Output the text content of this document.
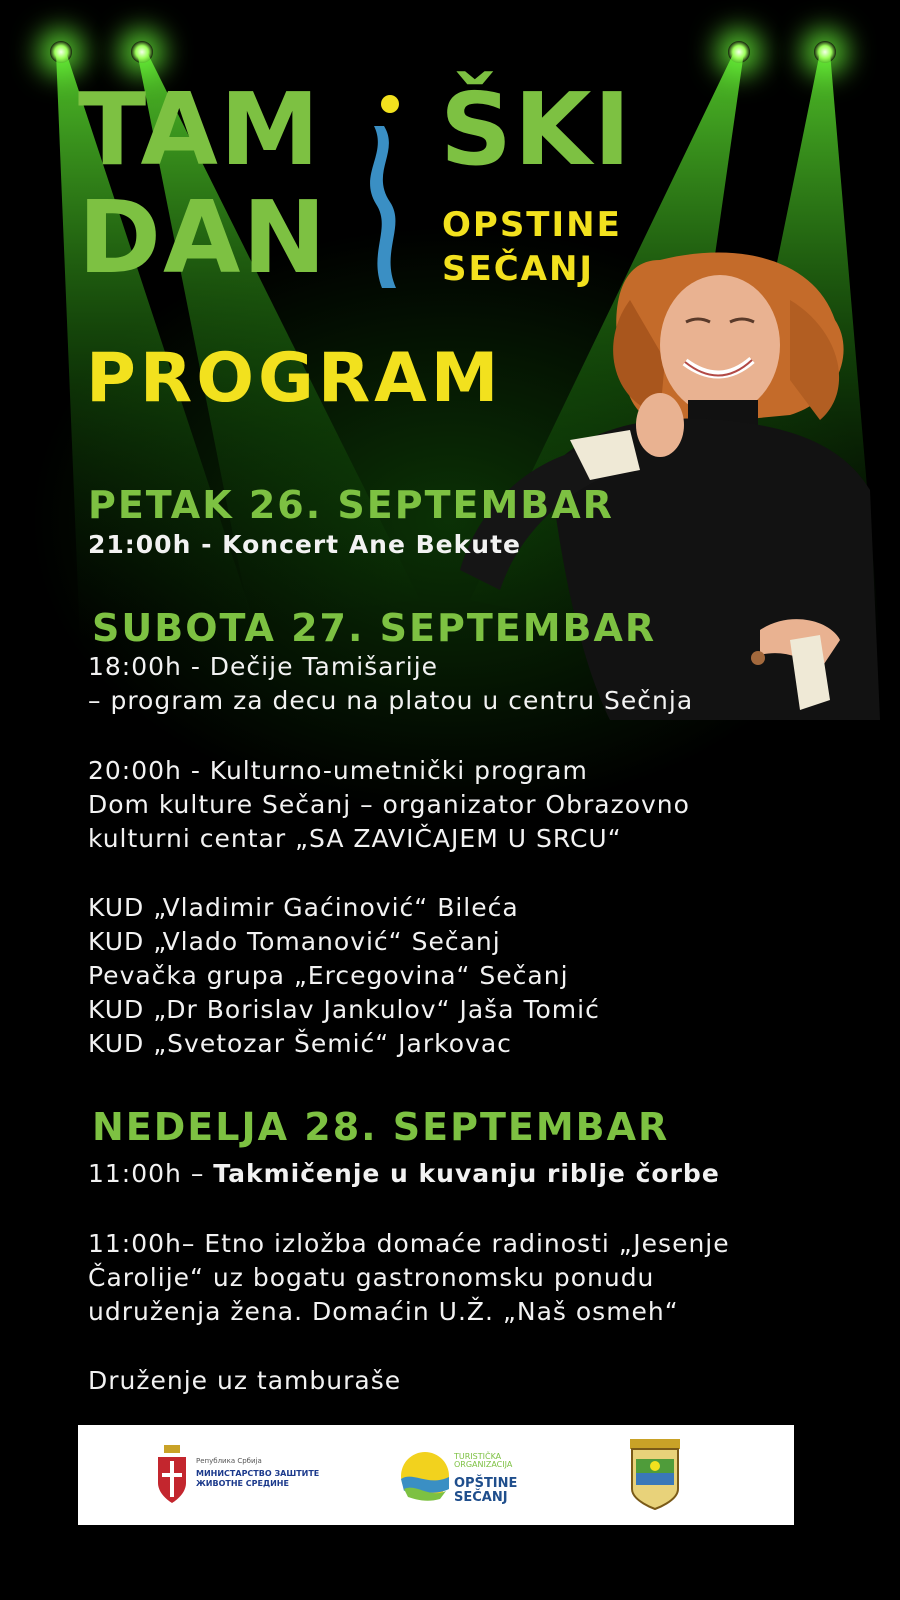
TAM ŠKI
DAN	OPSTINE
SEČANJ
PROGRAM
PETAK 26. SEPTEMBAR
21:00h - Koncert Ane Bekute
SUBOTA 27. SEPTEMBAR
18:00h - Dečije Tamišarije
– program za decu na platou u centru Sečnja
20:00h - Kulturno-umetnički program
Dom kulture Sečanj – organizator Obrazovno
kulturni centar „SA ZAVIČAJEM U SRCU“
KUD „Vladimir Gaćinović“ Bileća
KUD „Vlado Tomanović“ Sečanj
Pevačka grupa „Ercegovina“ Sečanj
KUD „Dr Borislav Jankulov“ Jaša Tomić
KUD „Svetozar Šemić“ Jarkovac
NEDELJA 28. SEPTEMBAR
11:00h – Takmičenje u kuvanju riblje čorbe
11:00h– Etno izložba domaće radinosti „Jesenje
Čarolije“ uz bogatu gastronomsku ponudu
udruženja žena. Domaćin U.Ž. „Naš osmeh“
Druženje uz tamburaše
Република Србија
МИНИСТАРСТВО ЗАШТИТЕ
ЖИВОТНЕ СРЕДИНЕ
TURISTIČKA
ORGANIZACIJA
OPŠTINE
SEČANJ
